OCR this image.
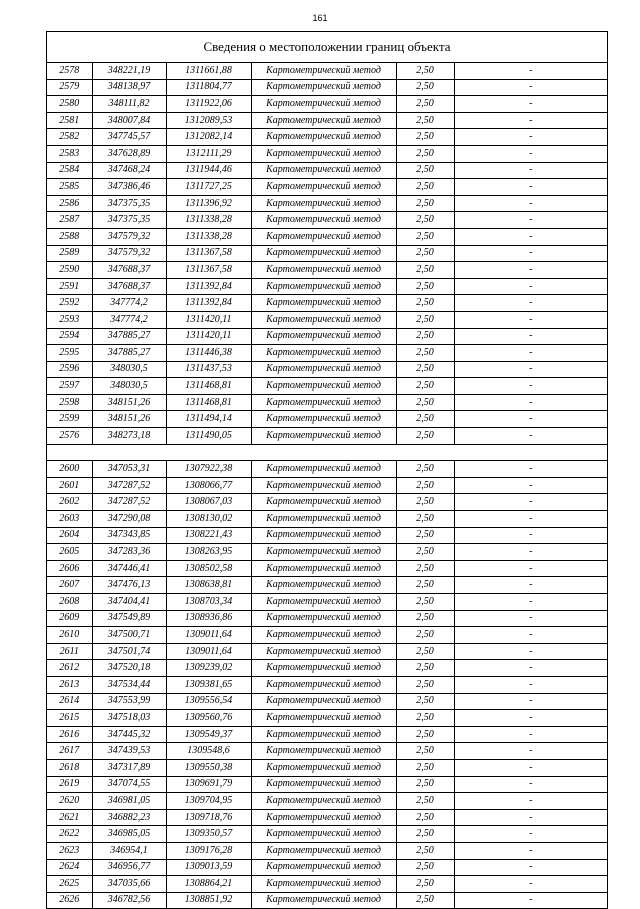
161
Сведения о местоположении границ объекта
2578	348221,19	1311661,88	Картометрический метод	2,50	-
2579	348138,97	1311804,77	Картометрический метод	2,50	-
2580	348111,82	1311922,06	Картометрический метод	2,50	-
2581	348007,84	1312089,53	Картометрический метод	2,50	-
2582	347745,57	1312082,14	Картометрический метод	2,50	-
2583	347628,89	1312111,29	Картометрический метод	2,50	-
2584	347468,24	1311944,46	Картометрический метод	2,50	-
2585	347386,46	1311727,25	Картометрический метод	2,50	-
2586	347375,35	1311396,92	Картометрический метод	2,50	-
2587	347375,35	1311338,28	Картометрический метод	2,50	-
2588	347579,32	1311338,28	Картометрический метод	2,50	-
2589	347579,32	1311367,58	Картометрический метод	2,50	-
2590	347688,37	1311367,58	Картометрический метод	2,50	-
2591	347688,37	1311392,84	Картометрический метод	2,50	-
2592	347774,2	1311392,84	Картометрический метод	2,50	-
2593	347774,2	1311420,11	Картометрический метод	2,50	-
2594	347885,27	1311420,11	Картометрический метод	2,50	-
2595	347885,27	1311446,38	Картометрический метод	2,50	-
2596	348030,5	1311437,53	Картометрический метод	2,50	-
2597	348030,5	1311468,81	Картометрический метод	2,50	-
2598	348151,26	1311468,81	Картометрический метод	2,50	-
2599	348151,26	1311494,14	Картометрический метод	2,50	-
2576	348273,18	1311490,05	Картометрический метод	2,50	-

2600	347053,31	1307922,38	Картометрический метод	2,50	-
2601	347287,52	1308066,77	Картометрический метод	2,50	-
2602	347287,52	1308067,03	Картометрический метод	2,50	-
2603	347290,08	1308130,02	Картометрический метод	2,50	-
2604	347343,85	1308221,43	Картометрический метод	2,50	-
2605	347283,36	1308263,95	Картометрический метод	2,50	-
2606	347446,41	1308502,58	Картометрический метод	2,50	-
2607	347476,13	1308638,81	Картометрический метод	2,50	-
2608	347404,41	1308703,34	Картометрический метод	2,50	-
2609	347549,89	1308936,86	Картометрический метод	2,50	-
2610	347500,71	1309011,64	Картометрический метод	2,50	-
2611	347501,74	1309011,64	Картометрический метод	2,50	-
2612	347520,18	1309239,02	Картометрический метод	2,50	-
2613	347534,44	1309381,65	Картометрический метод	2,50	-
2614	347553,99	1309556,54	Картометрический метод	2,50	-
2615	347518,03	1309560,76	Картометрический метод	2,50	-
2616	347445,32	1309549,37	Картометрический метод	2,50	-
2617	347439,53	1309548,6	Картометрический метод	2,50	-
2618	347317,89	1309550,38	Картометрический метод	2,50	-
2619	347074,55	1309691,79	Картометрический метод	2,50	-
2620	346981,05	1309704,95	Картометрический метод	2,50	-
2621	346882,23	1309718,76	Картометрический метод	2,50	-
2622	346985,05	1309350,57	Картометрический метод	2,50	-
2623	346954,1	1309176,28	Картометрический метод	2,50	-
2624	346956,77	1309013,59	Картометрический метод	2,50	-
2625	347035,66	1308864,21	Картометрический метод	2,50	-
2626	346782,56	1308851,92	Картометрический метод	2,50	-
